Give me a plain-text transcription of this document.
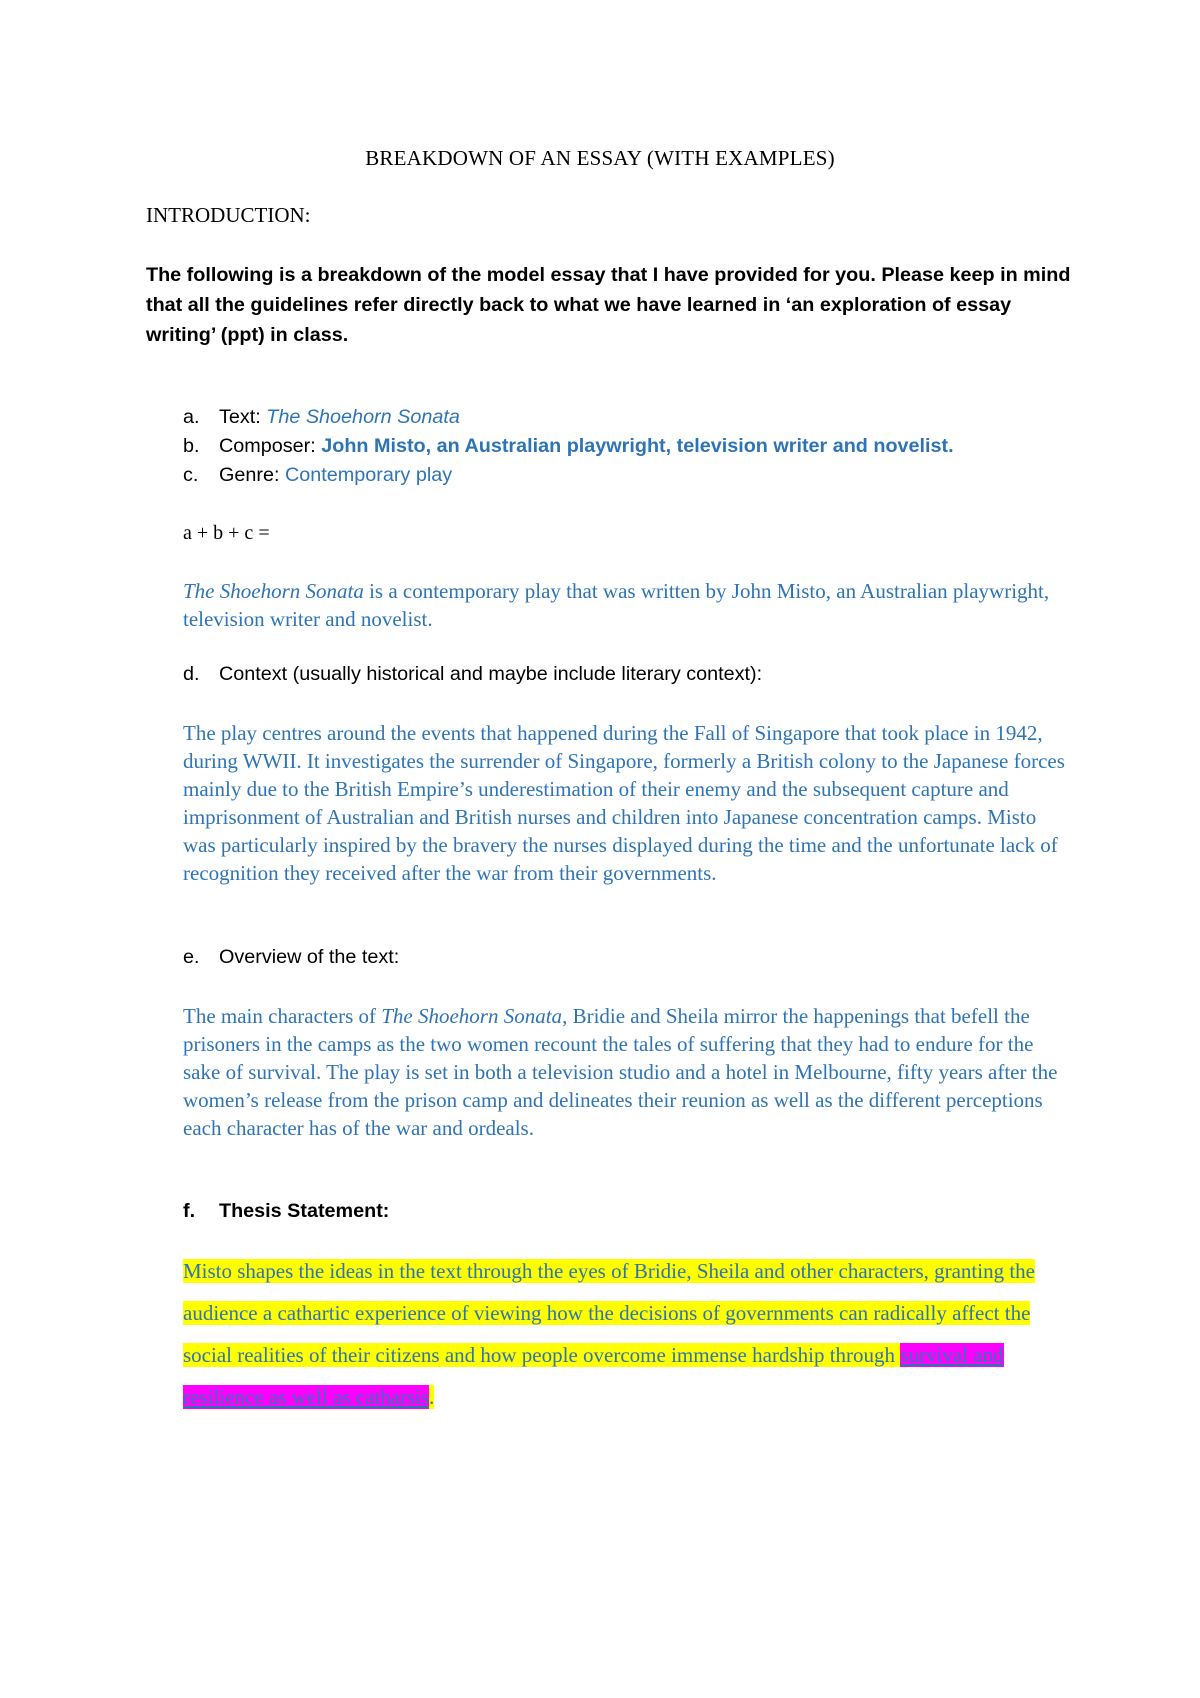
BREAKDOWN OF AN ESSAY (WITH EXAMPLES)
INTRODUCTION:
The following is a breakdown of the model essay that I have provided for you. Please keep in mind that all the guidelines refer directly back to what we have learned in ‘an exploration of essay writing’ (ppt) in class.
a. Text: The Shoehorn Sonata
b. Composer: John Misto, an Australian playwright, television writer and novelist.
c. Genre: Contemporary play
a + b + c =
The Shoehorn Sonata is a contemporary play that was written by John Misto, an Australian playwright, television writer and novelist.
d. Context (usually historical and maybe include literary context):
The play centres around the events that happened during the Fall of Singapore that took place in 1942, during WWII. It investigates the surrender of Singapore, formerly a British colony to the Japanese forces mainly due to the British Empire’s underestimation of their enemy and the subsequent capture and imprisonment of Australian and British nurses and children into Japanese concentration camps. Misto was particularly inspired by the bravery the nurses displayed during the time and the unfortunate lack of recognition they received after the war from their governments.
e. Overview of the text:
The main characters of The Shoehorn Sonata, Bridie and Sheila mirror the happenings that befell the prisoners in the camps as the two women recount the tales of suffering that they had to endure for the sake of survival. The play is set in both a television studio and a hotel in Melbourne, fifty years after the women’s release from the prison camp and delineates their reunion as well as the different perceptions each character has of the war and ordeals.
f. Thesis Statement:
Misto shapes the ideas in the text through the eyes of Bridie, Sheila and other characters, granting the audience a cathartic experience of viewing how the decisions of governments can radically affect the social realities of their citizens and how people overcome immense hardship through survival and resilience as well as catharsis.
